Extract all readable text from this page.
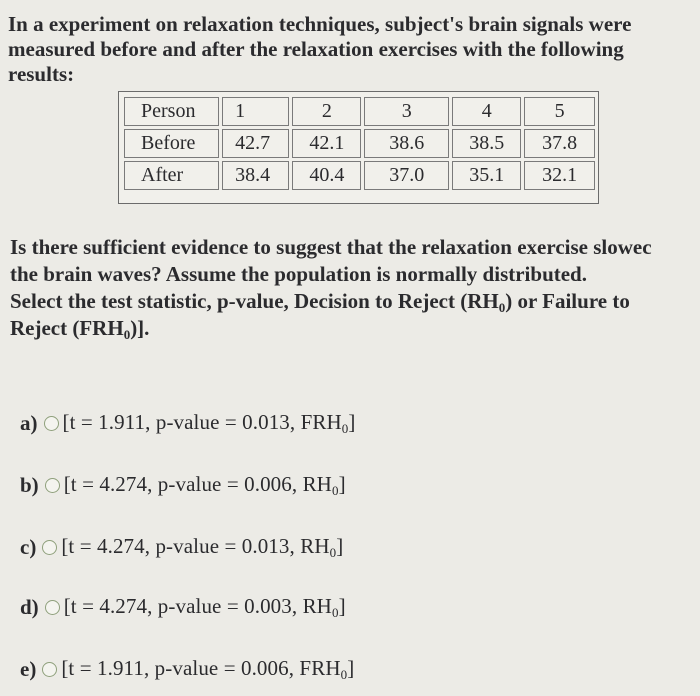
In a experiment on relaxation techniques, subject's brain signals were
measured before and after the relaxation exercises with the following
results:
Person	1	2	3	4	5
Before	42.7	42.1	38.6	38.5	37.8
After	38.4	40.4	37.0	35.1	32.1
Is there sufficient evidence to suggest that the relaxation exercise slowec
the brain waves? Assume the population is normally distributed.
Select the test statistic, p-value, Decision to Reject $(RH_0)$ or Failure to
Reject $(FRH_0)$].
a) [t = 1.911, p-value = 0.013, $FRH_0$]
b) [t = 4.274, p-value = 0.006, $RH_0$]
c) [t = 4.274, p-value = 0.013, $RH_0$]
d) [t = 4.274, p-value = 0.003, $RH_0$]
e) [t = 1.911, p-value = 0.006, $FRH_0$]
